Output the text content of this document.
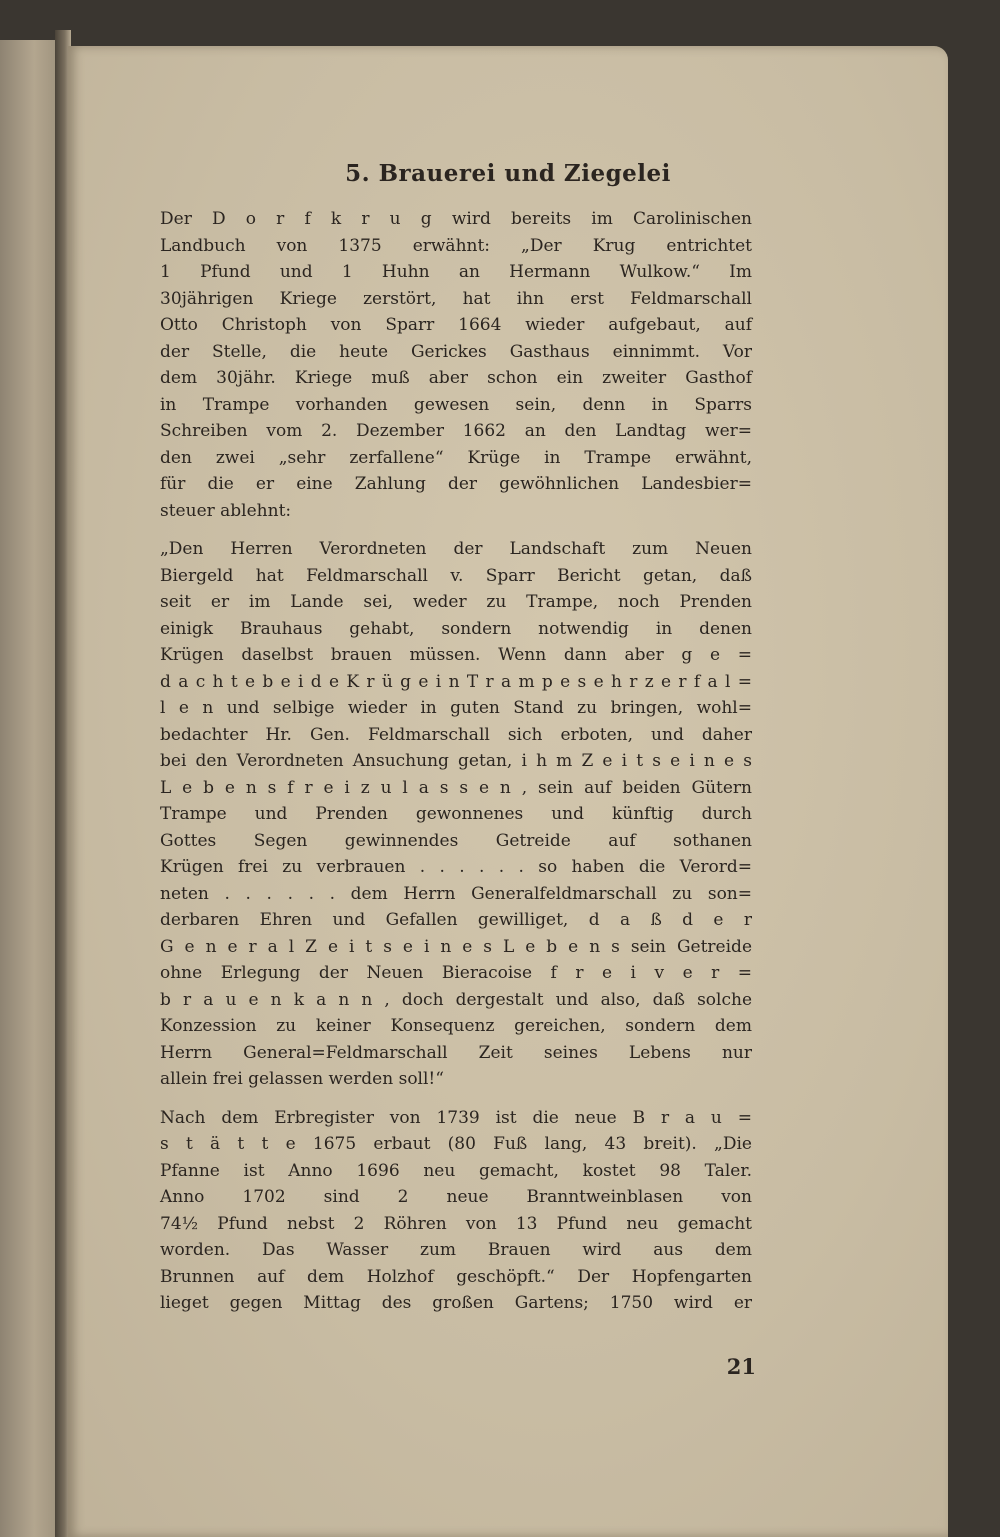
5. Brauerei und Ziegelei
Der D o r f k r u g wird bereits im Carolinischen
Landbuch von 1375 erwähnt: „Der Krug entrichtet
1 Pfund und 1 Huhn an Hermann Wulkow.“ Im
30jährigen Kriege zerstört, hat ihn erst Feldmarschall
Otto Christoph von Sparr 1664 wieder aufgebaut, auf
der Stelle, die heute Gerickes Gasthaus einnimmt. Vor
dem 30jähr. Kriege muß aber schon ein zweiter Gasthof
in Trampe vorhanden gewesen sein, denn in Sparrs
Schreiben vom 2. Dezember 1662 an den Landtag wer=
den zwei „sehr zerfallene“ Krüge in Trampe erwähnt,
für die er eine Zahlung der gewöhnlichen Landesbier=
steuer ablehnt:
„Den Herren Verordneten der Landschaft zum Neuen
Biergeld hat Feldmarschall v. Sparr Bericht getan, daß
seit er im Lande sei, weder zu Trampe, noch Prenden
einigk Brauhaus gehabt, sondern notwendig in denen
Krügen daselbst brauen müssen. Wenn dann aber g e =
d a c h t e b e i d e K r ü g e i n T r a m p e s e h r z e r f a l =
l e n und selbige wieder in guten Stand zu bringen, wohl=
bedachter Hr. Gen. Feldmarschall sich erboten, und daher
bei den Verordneten Ansuchung getan, i h m Z e i t s e i n e s
L e b e n s f r e i z u l a s s e n , sein auf beiden Gütern
Trampe und Prenden gewonnenes und künftig durch
Gottes Segen gewinnendes Getreide auf sothanen
Krügen frei zu verbrauen . . . . . . so haben die Verord=
neten . . . . . . dem Herrn Generalfeldmarschall zu son=
derbaren Ehren und Gefallen gewilliget, d a ß d e r
G e n e r a l Z e i t s e i n e s L e b e n s sein Getreide
ohne Erlegung der Neuen Bieracoise f r e i v e r =
b r a u e n k a n n , doch dergestalt und also, daß solche
Konzession zu keiner Konsequenz gereichen, sondern dem
Herrn General=Feldmarschall Zeit seines Lebens nur
allein frei gelassen werden soll!“
Nach dem Erbregister von 1739 ist die neue B r a u =
s t ä t t e 1675 erbaut (80 Fuß lang, 43 breit). „Die
Pfanne ist Anno 1696 neu gemacht, kostet 98 Taler.
Anno 1702 sind 2 neue Branntweinblasen von
74½ Pfund nebst 2 Röhren von 13 Pfund neu gemacht
worden. Das Wasser zum Brauen wird aus dem
Brunnen auf dem Holzhof geschöpft.“ Der Hopfengarten
lieget gegen Mittag des großen Gartens; 1750 wird er
21
